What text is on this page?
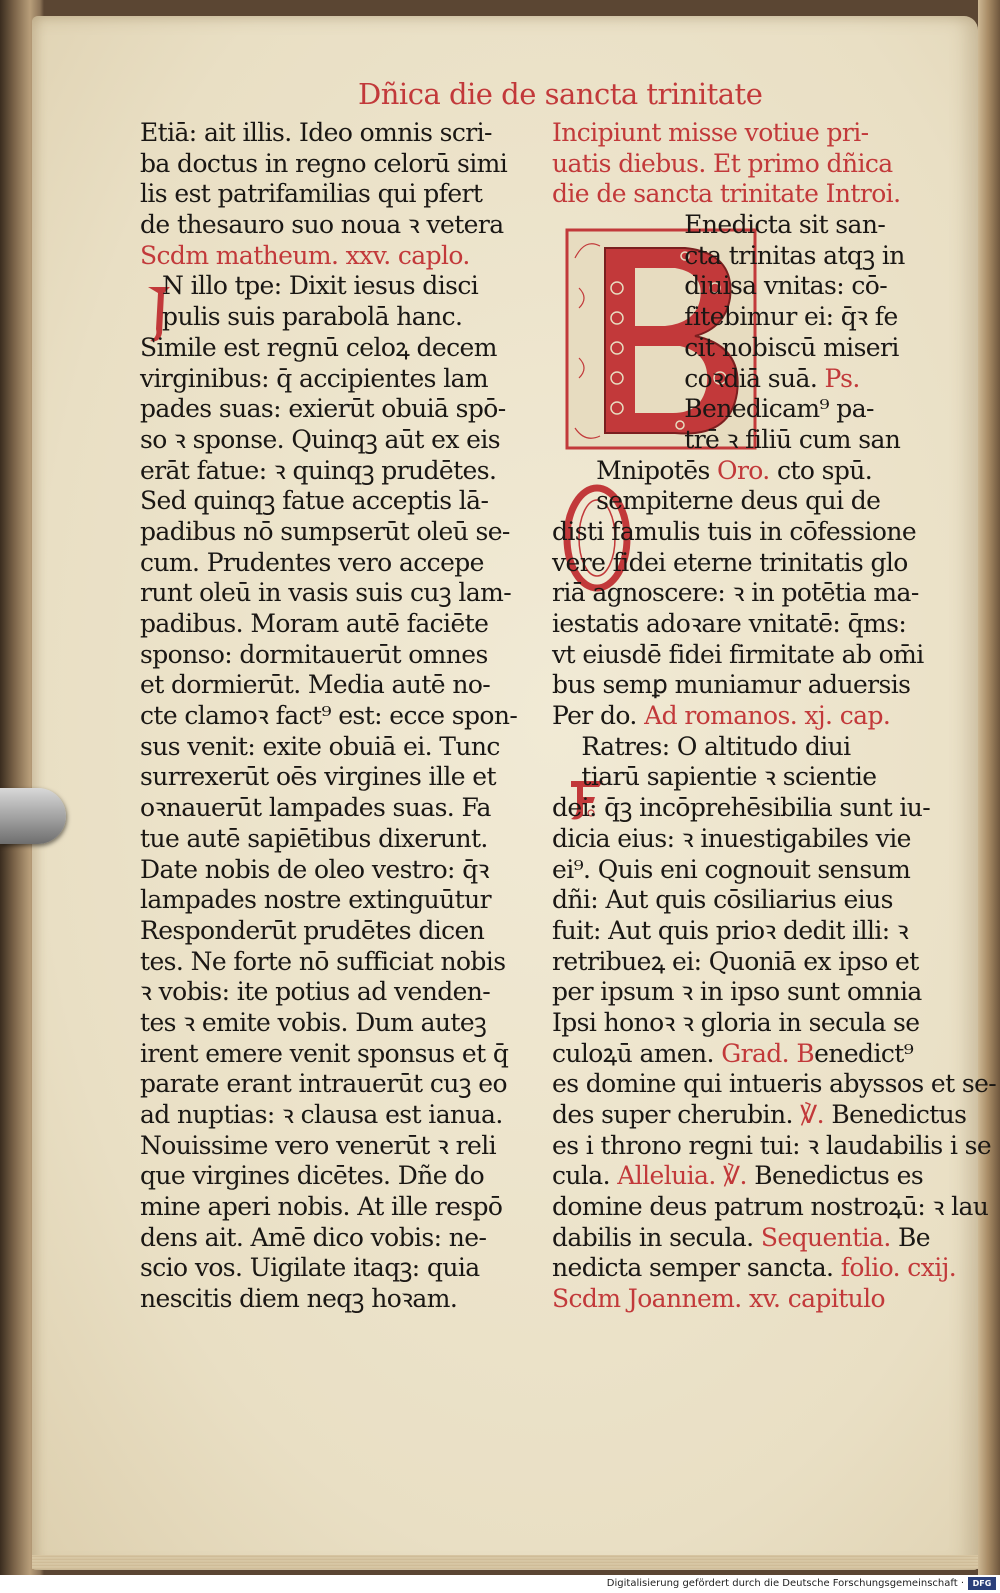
Dñica die de sancta trinitate
Etiā: ait illis. Ideo omnis scri-
ba doctus in regno celorū simi
lis est patrifamilias qui pfert
de thesauro suo noua ꝛ vetera
Scdm matheum. xxv. caplo.
N illo tpe: Dixit iesus disci
pulis suis parabolā hanc.
Simile est regnū celoꝝ decem
virginibus: q̄ accipientes lam
pades suas: exierūt obuiā spō-
so ꝛ sponse. Quinqꝫ aūt ex eis
erāt fatue: ꝛ quinqꝫ prudētes.
Sed quinqꝫ fatue acceptis lā-
padibus nō sumpserūt oleū se-
cum. Prudentes vero accepe
runt oleū in vasis suis cuꝫ lam-
padibus. Moram autē faciēte
sponso: dormitauerūt omnes
et dormierūt. Media autē no-
cte clamoꝛ fact⁹ est: ecce spon-
sus venit: exite obuiā ei. Tunc
surrexerūt oēs virgines ille et
oꝛnauerūt lampades suas. Fa
tue autē sapiētibus dixerunt.
Date nobis de oleo vestro: q̄ꝛ
lampades nostre extinguūtur
Responderūt prudētes dicen
tes. Ne forte nō sufficiat nobis
ꝛ vobis: ite potius ad venden-
tes ꝛ emite vobis. Dum auteꝫ
irent emere venit sponsus et q̄
parate erant intrauerūt cuꝫ eo
ad nuptias: ꝛ clausa est ianua.
Nouissime vero venerūt ꝛ reli
que virgines dicētes. Dñe do
mine aperi nobis. At ille respō
dens ait. Amē dico vobis: ne-
scio vos. Uigilate itaqꝫ: quia
nescitis diem neqꝫ hoꝛam.
Incipiunt misse votiue pri-
uatis diebus. Et primo dñica
die de sancta trinitate Introi.
Enedicta sit san-
cta trinitas atqꝫ in
diuisa vnitas: cō-
fitebimur ei: q̄ꝛ fe
cit nobiscū miseri
coꝛdiā suā. Ps.
Benedicam⁹ pa-
trē ꝛ filiū cum san
Mnipotēs Oro. cto spū.
sempiterne deus qui de
disti famulis tuis in cōfessione
vere fidei eterne trinitatis glo
riā agnoscere: ꝛ in potētia ma-
iestatis adoꝛare vnitatē: q̄ms:
vt eiusdē fidei firmitate ab om̄i
bus semꝑ muniamur aduersis
Per do. Ad romanos. xj. cap.
Ratres: O altitudo diui
tiarū sapientie ꝛ scientie
dei: q̄ꝫ incōprehēsibilia sunt iu-
dicia eius: ꝛ inuestigabiles vie
ei⁹. Quis eni cognouit sensum
dñi: Aut quis cōsiliarius eius
fuit: Aut quis prioꝛ dedit illi: ꝛ
retribueꝝ ei: Quoniā ex ipso et
per ipsum ꝛ in ipso sunt omnia
Ipsi honoꝛ ꝛ gloria in secula se
culoꝝū amen. Grad. Benedict⁹
es domine qui intueris abyssos et se-
des super cherubin. ℣. Benedictus
es i throno regni tui: ꝛ laudabilis i se
cula. Alleluia. ℣. Benedictus es
domine deus patrum nostroꝝū: ꝛ lau
dabilis in secula. Sequentia. Be
nedicta semper sancta. folio. cxij.
Scdm Joannem. xv. capitulo
Digitalisierung gefördert durch die Deutsche Forschungsgemeinschaft ·	DFG
